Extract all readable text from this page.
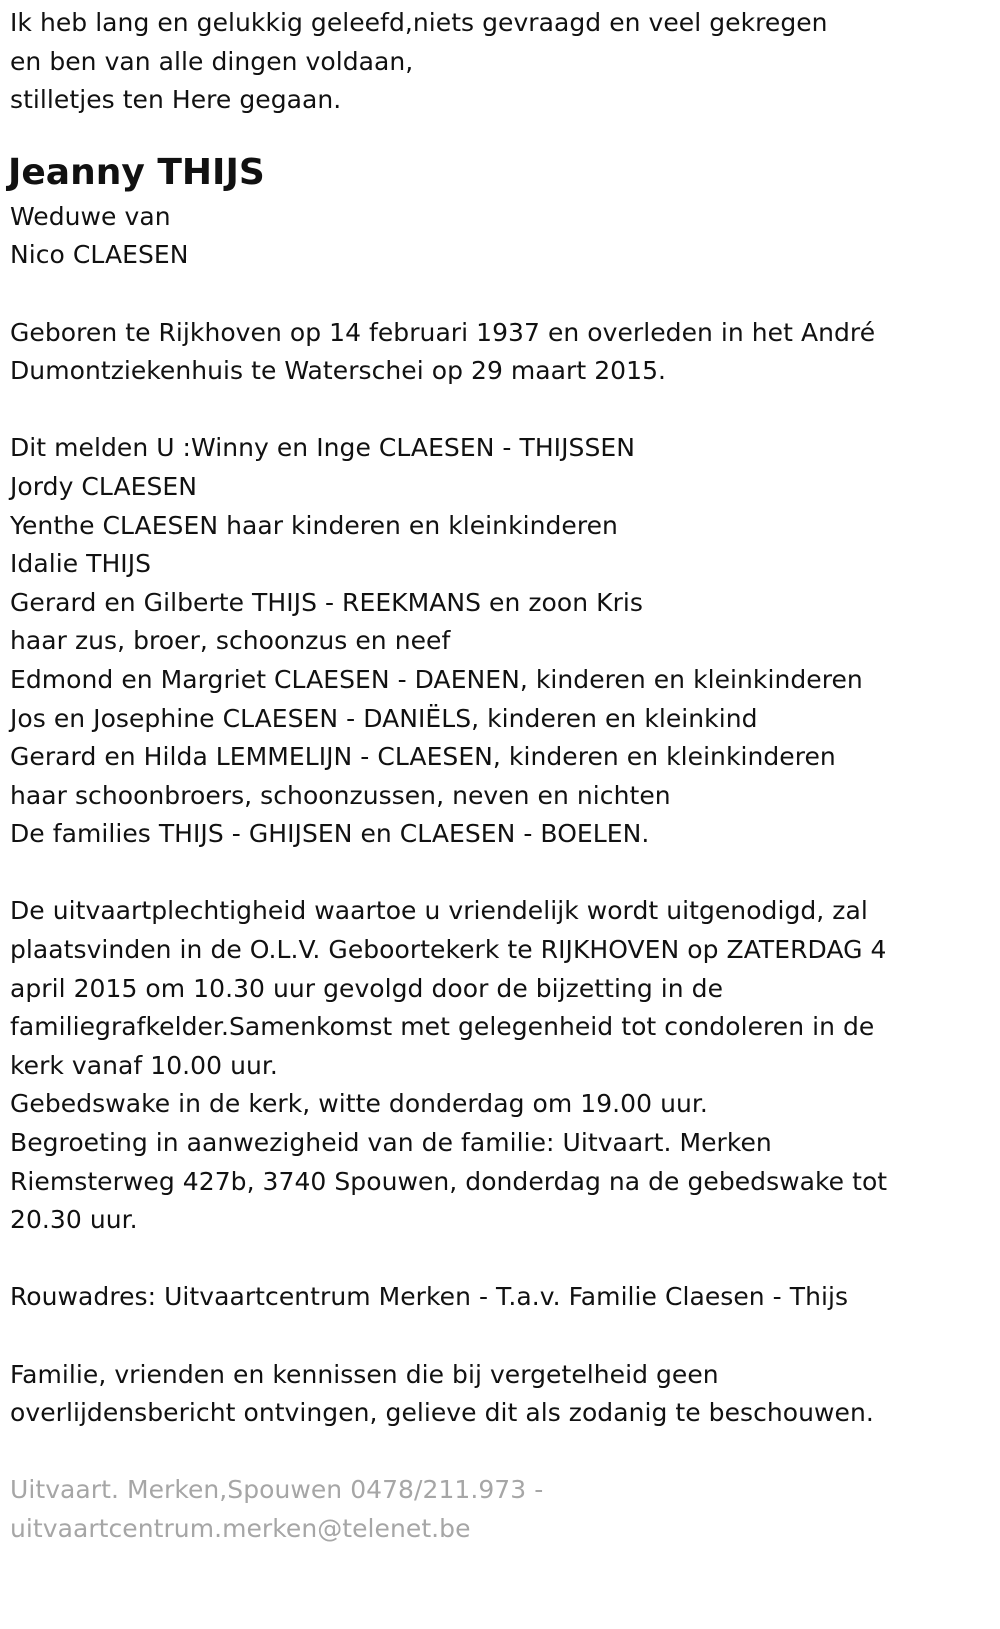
Ik heb lang en gelukkig geleefd,niets gevraagd en veel gekregen
en ben van alle dingen voldaan,
stilletjes ten Here gegaan.
Jeanny THIJS
Weduwe van
Nico CLAESEN
Geboren te Rijkhoven op 14 februari 1937 en overleden in het André
Dumontziekenhuis te Waterschei op 29 maart 2015.
Dit melden U :Winny en Inge CLAESEN - THIJSSEN
Jordy CLAESEN
Yenthe CLAESEN haar kinderen en kleinkinderen
Idalie THIJS
Gerard en Gilberte THIJS - REEKMANS en zoon Kris
haar zus, broer, schoonzus en neef
Edmond en Margriet CLAESEN - DAENEN, kinderen en kleinkinderen
Jos en Josephine CLAESEN - DANIËLS, kinderen en kleinkind
Gerard en Hilda LEMMELIJN - CLAESEN, kinderen en kleinkinderen
haar schoonbroers, schoonzussen, neven en nichten
De families THIJS - GHIJSEN en CLAESEN - BOELEN.
De uitvaartplechtigheid waartoe u vriendelijk wordt uitgenodigd, zal
plaatsvinden in de O.L.V. Geboortekerk te RIJKHOVEN op ZATERDAG 4
april 2015 om 10.30 uur gevolgd door de bijzetting in de
familiegrafkelder.Samenkomst met gelegenheid tot condoleren in de
kerk vanaf 10.00 uur.
Gebedswake in de kerk, witte donderdag om 19.00 uur.
Begroeting in aanwezigheid van de familie: Uitvaart. Merken
Riemsterweg 427b, 3740 Spouwen, donderdag na de gebedswake tot
20.30 uur.
Rouwadres: Uitvaartcentrum Merken - T.a.v. Familie Claesen - Thijs
Familie, vrienden en kennissen die bij vergetelheid geen
overlijdensbericht ontvingen, gelieve dit als zodanig te beschouwen.
Uitvaart. Merken,Spouwen 0478/211.973 -
uitvaartcentrum.merken@telenet.be
